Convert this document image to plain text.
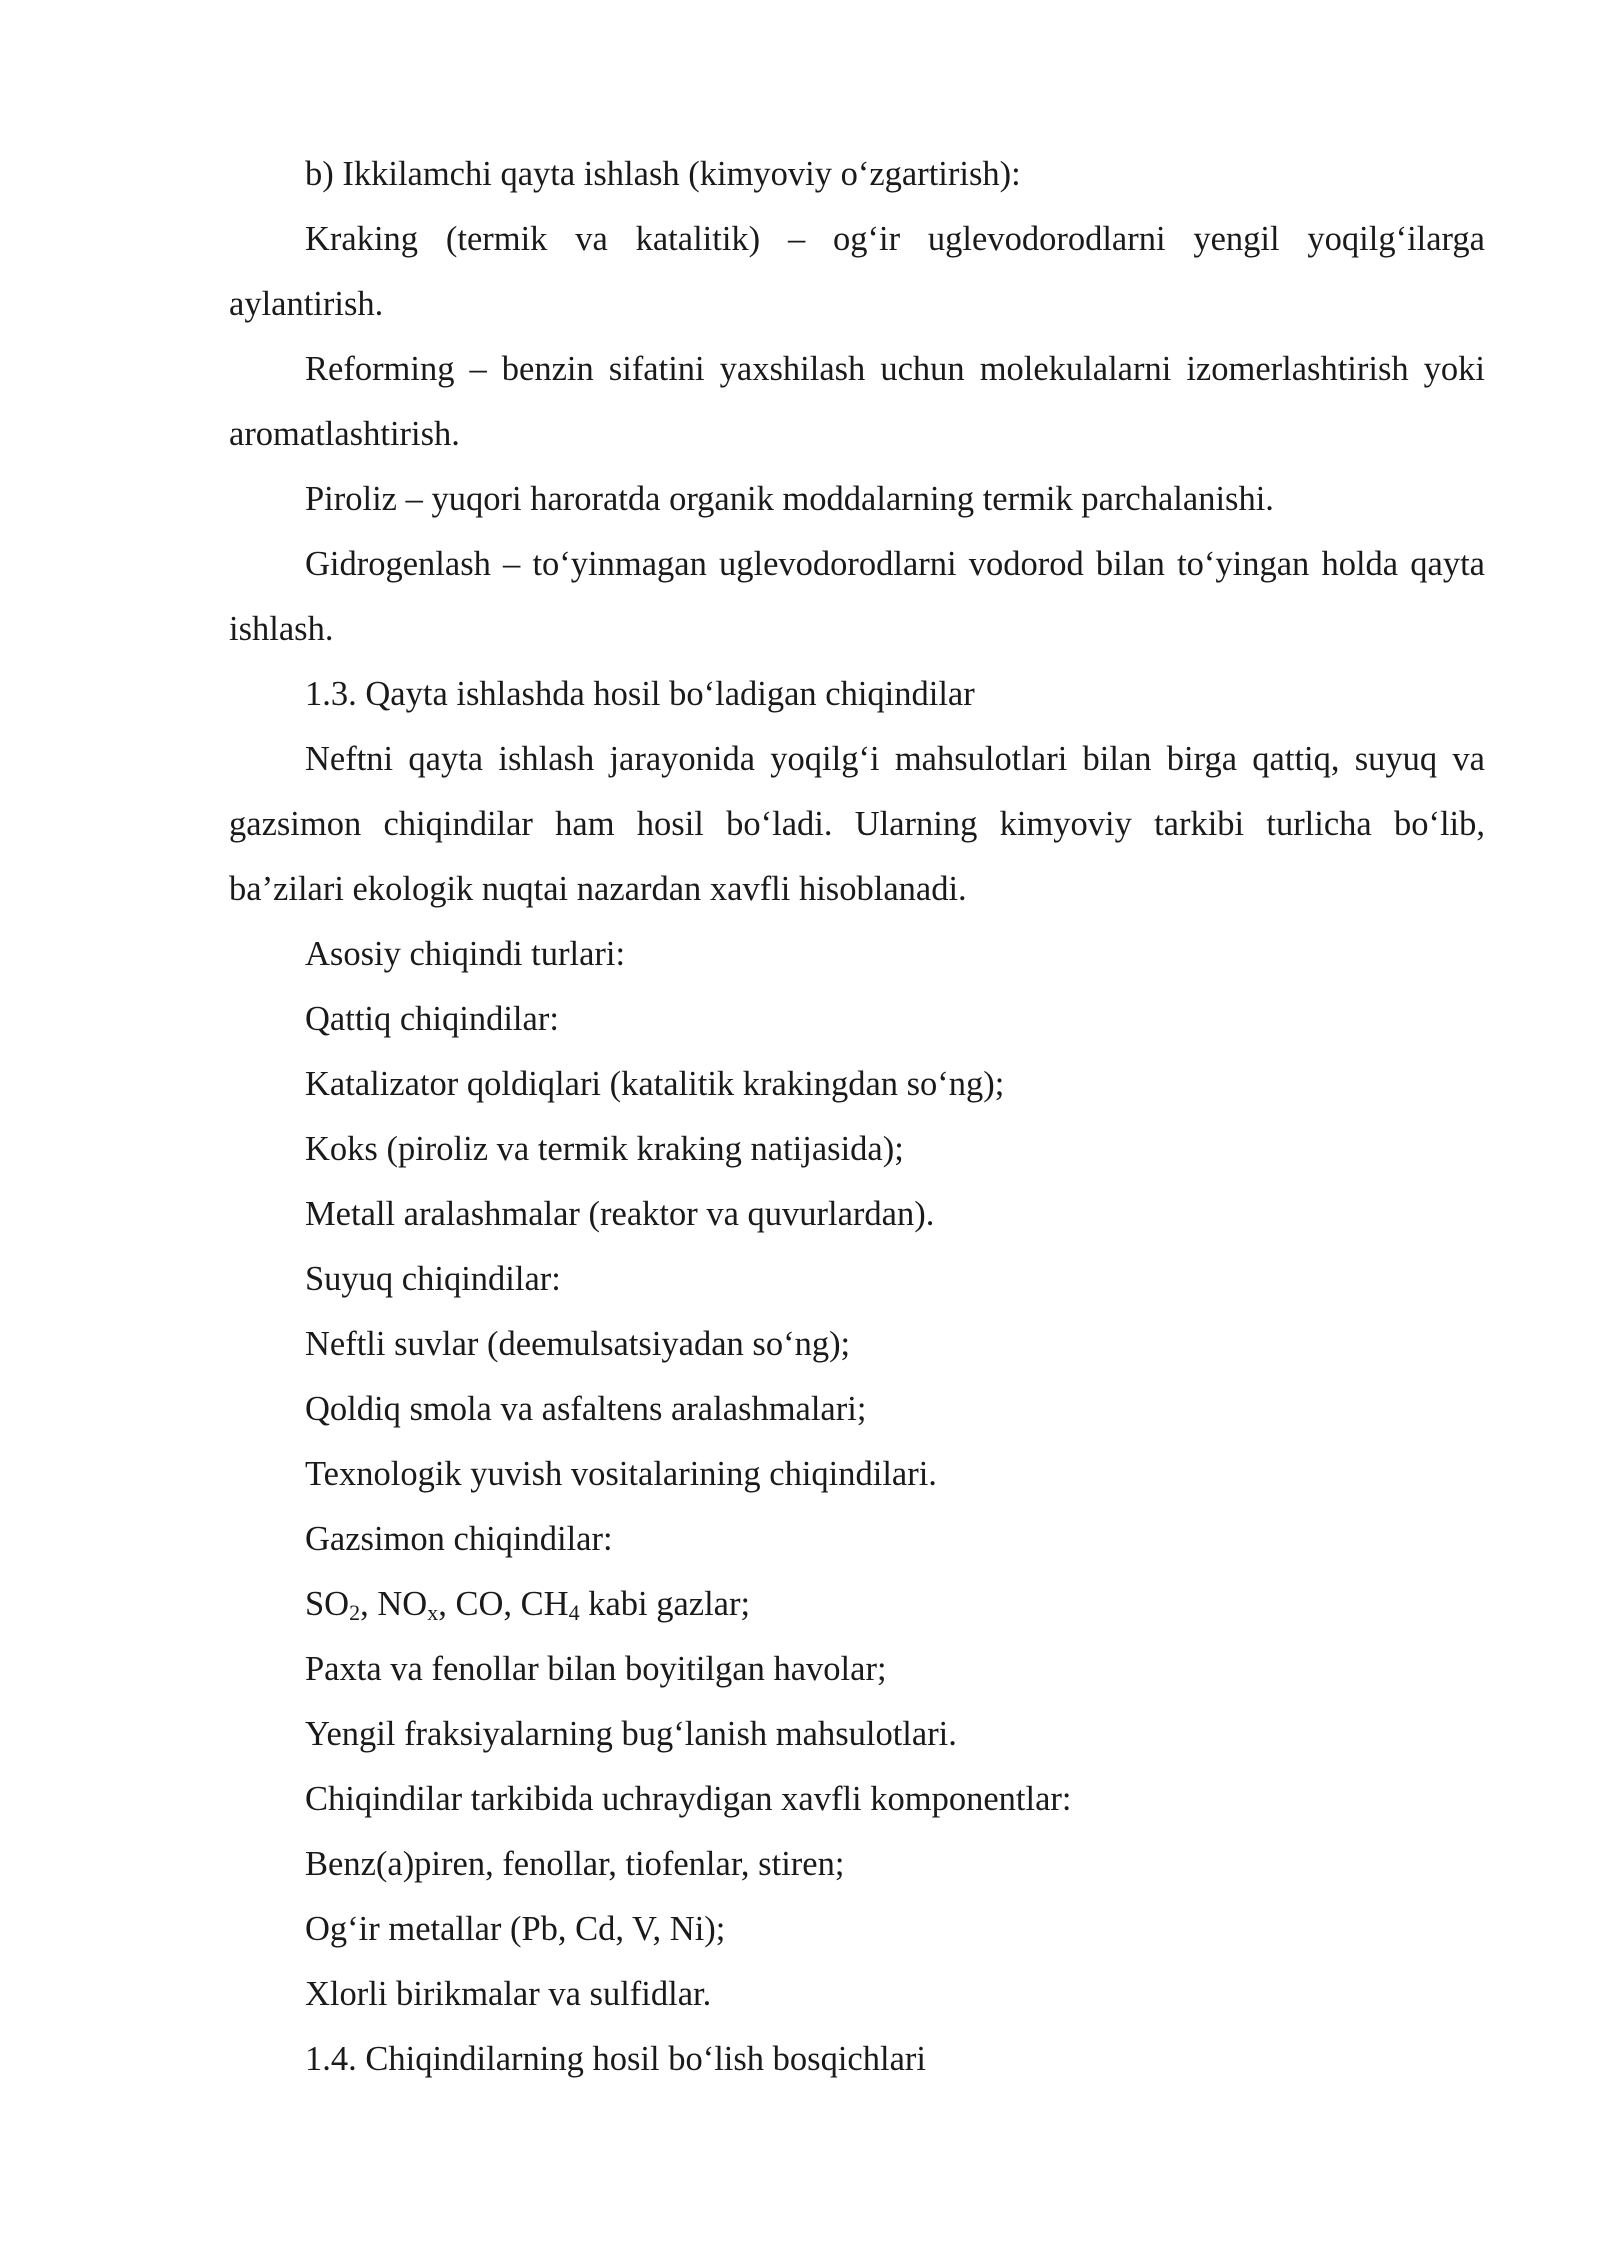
b) Ikkilamchi qayta ishlash (kimyoviy o‘zgartirish):

Kraking (termik va katalitik) – og‘ir uglevodorodlarni yengil yoqilg‘ilarga aylantirish.

Reforming – benzin sifatini yaxshilash uchun molekulalarni izomerlashtirish yoki aromatlashtirish.

Piroliz – yuqori haroratda organik moddalarning termik parchalanishi.

Gidrogenlash – to‘yinmagan uglevodorodlarni vodorod bilan to‘yingan holda qayta ishlash.

1.3. Qayta ishlashda hosil bo‘ladigan chiqindilar

Neftni qayta ishlash jarayonida yoqilg‘i mahsulotlari bilan birga qattiq, suyuq va gazsimon chiqindilar ham hosil bo‘ladi. Ularning kimyoviy tarkibi turlicha bo‘lib, ba’zilari ekologik nuqtai nazardan xavfli hisoblanadi.

Asosiy chiqindi turlari:

Qattiq chiqindilar:

Katalizator qoldiqlari (katalitik krakingdan so‘ng);

Koks (piroliz va termik kraking natijasida);

Metall aralashmalar (reaktor va quvurlardan).

Suyuq chiqindilar:

Neftli suvlar (deemulsatsiyadan so‘ng);

Qoldiq smola va asfaltens aralashmalari;

Texnologik yuvish vositalarining chiqindilari.

Gazsimon chiqindilar:

$SO_2$, $NO_x$, CO, $CH_4$ kabi gazlar;

Paxta va fenollar bilan boyitilgan havolar;

Yengil fraksiyalarning bug‘lanish mahsulotlari.

Chiqindilar tarkibida uchraydigan xavfli komponentlar:

Benz(a)piren, fenollar, tiofenlar, stiren;

Og‘ir metallar (Pb, Cd, V, Ni);

Xlorli birikmalar va sulfidlar.

1.4. Chiqindilarning hosil bo‘lish bosqichlari
